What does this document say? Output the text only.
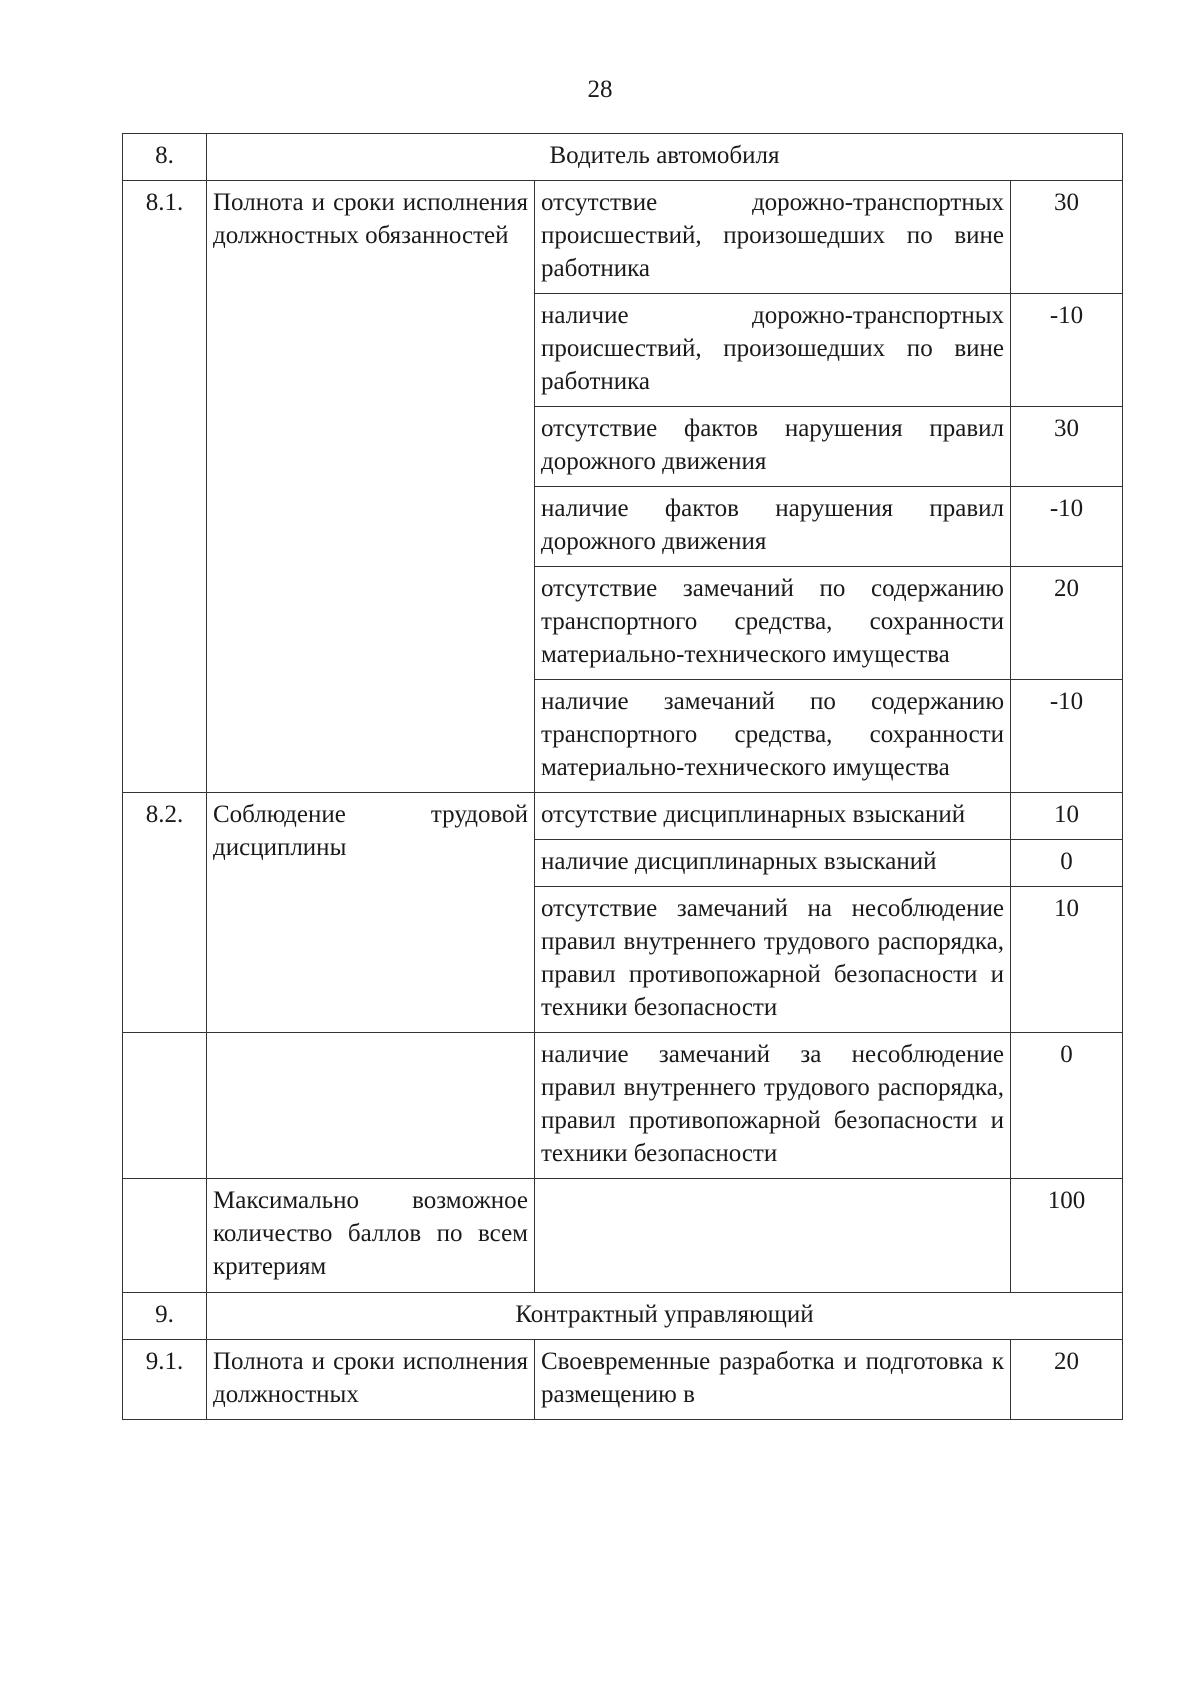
28
8.	Водитель автомобиля		
8.1.	Полнота и сроки исполнения должностных обязанностей	отсутствие дорожно-транспортных происшествий, произошедших по вине работника	30
		наличие дорожно-транспортных происшествий, произошедших по вине работника	-10
		отсутствие фактов нарушения правил дорожного движения	30
		наличие фактов нарушения правил дорожного движения	-10
		отсутствие замечаний по содержанию транспортного средства, сохранности материально-технического имущества	20
		наличие замечаний по содержанию транспортного средства, сохранности материально-технического имущества	-10
8.2.	Соблюдение трудовой дисциплины	отсутствие дисциплинарных взысканий	10
		наличие дисциплинарных взысканий	0
		отсутствие замечаний на несоблюдение правил внутреннего трудового распорядка, правил противопожарной безопасности и техники безопасности	10
		наличие замечаний за несоблюдение правил внутреннего трудового распорядка, правил противопожарной безопасности и техники безопасности	0
	Максимально возможное количество баллов по всем критериям		100
9.	Контрактный управляющий		
9.1.	Полнота и сроки исполнения должностных	Своевременные разработка и подготовка к размещению в	20
